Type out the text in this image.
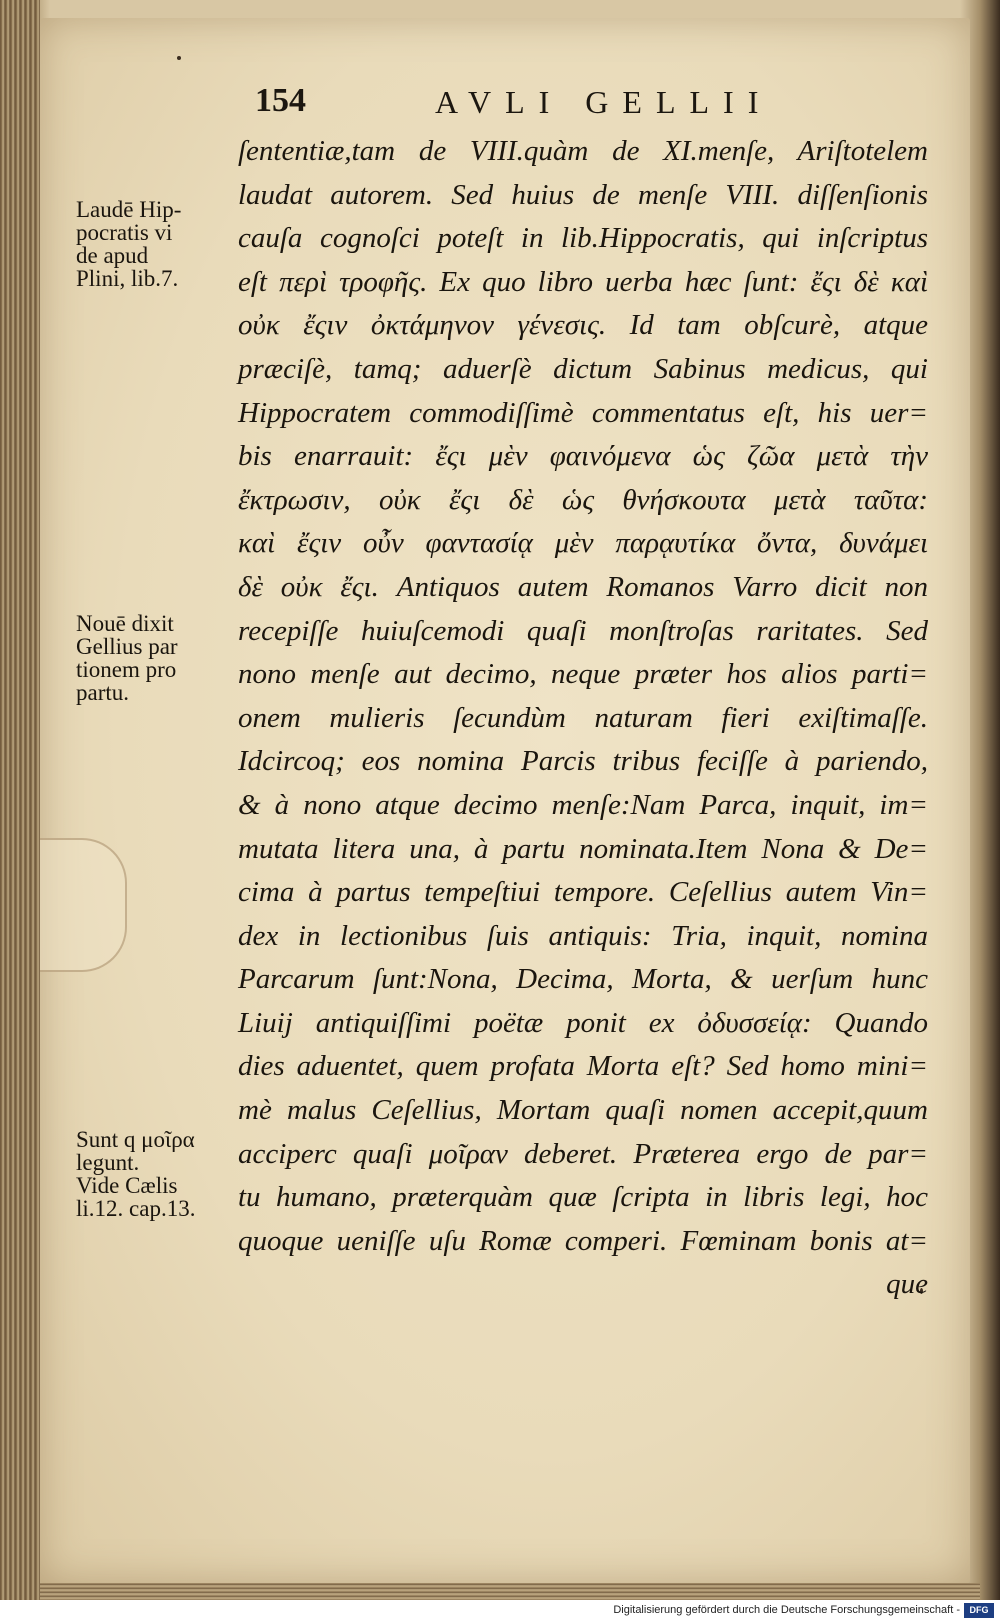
154	AVLI GELLII
Laudē Hip-
pocratis vi
de apud
Plini, lib.7.
Nouē dixit
Gellius par
tionem pro
partu.
Sunt q μοῖρα
legunt.
Vide Cælis
li.12. cap.13.
ſententiæ,tam de VIII.quàm de XI.menſe, Ariſtotelem
laudat autorem. Sed huius de menſe VIII. diſſenſionis
cauſa cognoſci poteſt in lib.Hippocratis, qui inſcriptus
eſt περὶ τροφῆς. Ex quo libro uerba hæc ſunt: ἔςι δὲ καὶ
οὐκ ἔςιν ὀκτάμηνον γένεσις. Id tam obſcurè, atque
præciſè, tamq; aduerſè dictum Sabinus medicus, qui
Hippocratem commodiſſimè commentatus eſt, his uer=
bis enarrauit: ἔςι μὲν φαινόμενα ὡς ζῶα μετὰ τὴν
ἔκτρωσιν, οὐκ ἔςι δὲ ὡς θνήσκουτα μετὰ ταῦτα:
καὶ ἔςιν οὖν φαντασίᾳ μὲν παρᾳυτίκα ὄντα, δυνάμει
δὲ οὐκ ἔςι. Antiquos autem Romanos Varro dicit non
recepiſſe huiuſcemodi quaſi monſtroſas raritates. Sed
nono menſe aut decimo, neque præter hos alios parti=
onem mulieris ſecundùm naturam fieri exiſtimaſſe.
Idcircoq; eos nomina Parcis tribus feciſſe à pariendo,
& à nono atque decimo menſe:Nam Parca, inquit, im=
mutata litera una, à partu nominata.Item Nona & De=
cima à partus tempeſtiui tempore. Ceſellius autem Vin=
dex in lectionibus ſuis antiquis: Tria, inquit, nomina
Parcarum ſunt:Nona, Decima, Morta, & uerſum hunc
Liuij antiquiſſimi poëtæ ponit ex ὀδυσσείᾳ: Quando
dies aduentet, quem profata Morta eſt? Sed homo mini=
mè malus Ceſellius, Mortam quaſi nomen accepit,quum
acciperc quaſi μοῖραν deberet. Præterea ergo de par=
tu humano, præterquàm quæ ſcripta in libris legi, hoc
quoque ueniſſe uſu Romæ comperi. Fœminam bonis at=
que
Digitalisierung gefördert durch die Deutsche Forschungsgemeinschaft -	DFG
